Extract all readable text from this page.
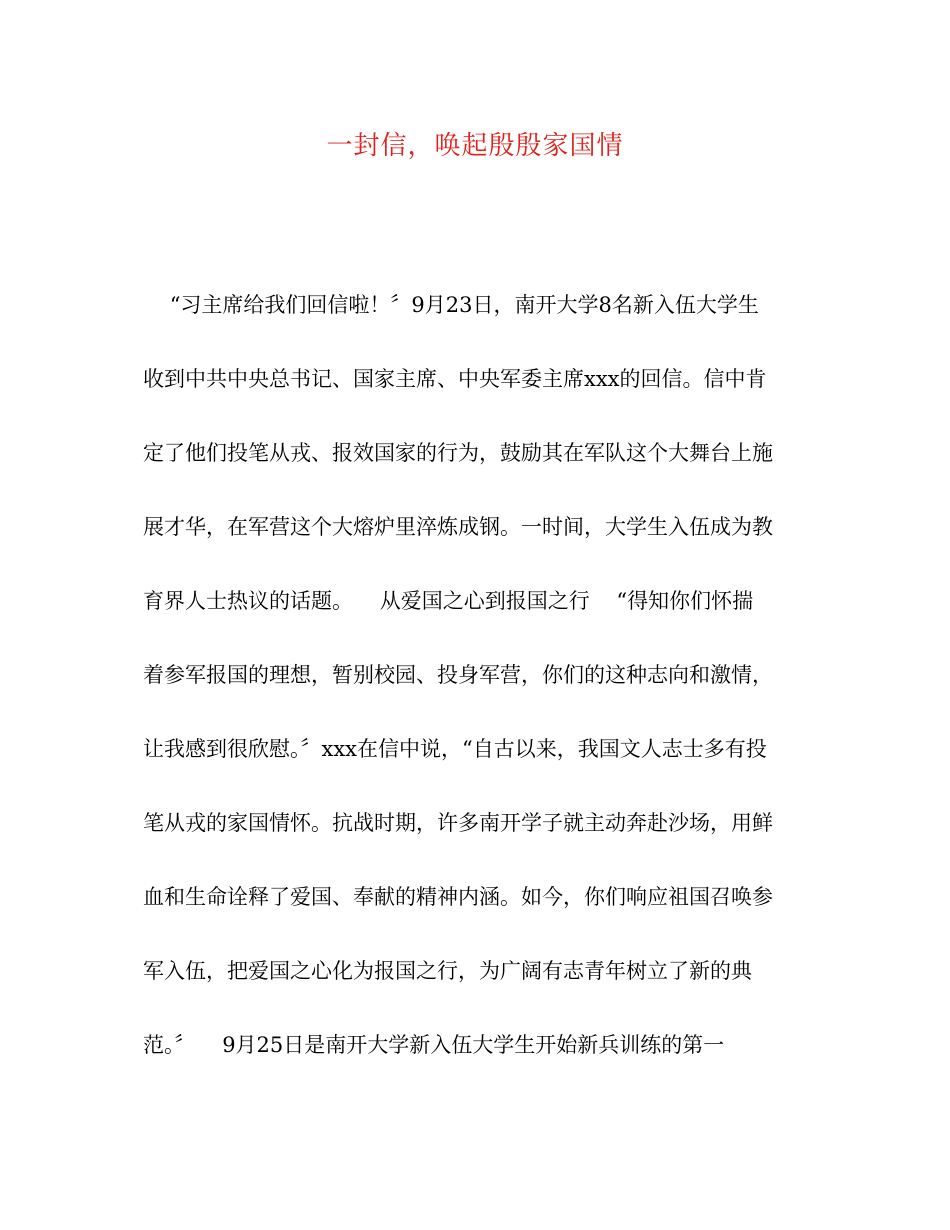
一封信，唤起殷殷家国情
“习主席给我们回信啦！〞9月23日，南开大学8名新入伍大学生
收到中共中央总书记、国家主席、中央军委主席xxx的回信。信中肯
定了他们投笔从戎、报效国家的行为，鼓励其在军队这个大舞台上施
展才华，在军营这个大熔炉里淬炼成钢。一时间，大学生入伍成为教
育界人士热议的话题。    从爱国之心到报国之行    “得知你们怀揣
着参军报国的理想，暂别校园、投身军营，你们的这种志向和激情，
让我感到很欣慰。〞xxx在信中说，“自古以来，我国文人志士多有投
笔从戎的家国情怀。抗战时期，许多南开学子就主动奔赴沙场，用鲜
血和生命诠释了爱国、奉献的精神内涵。如今，你们响应祖国召唤参
军入伍，把爱国之心化为报国之行，为广阔有志青年树立了新的典
范。〞    9月25日是南开大学新入伍大学生开始新兵训练的第一
